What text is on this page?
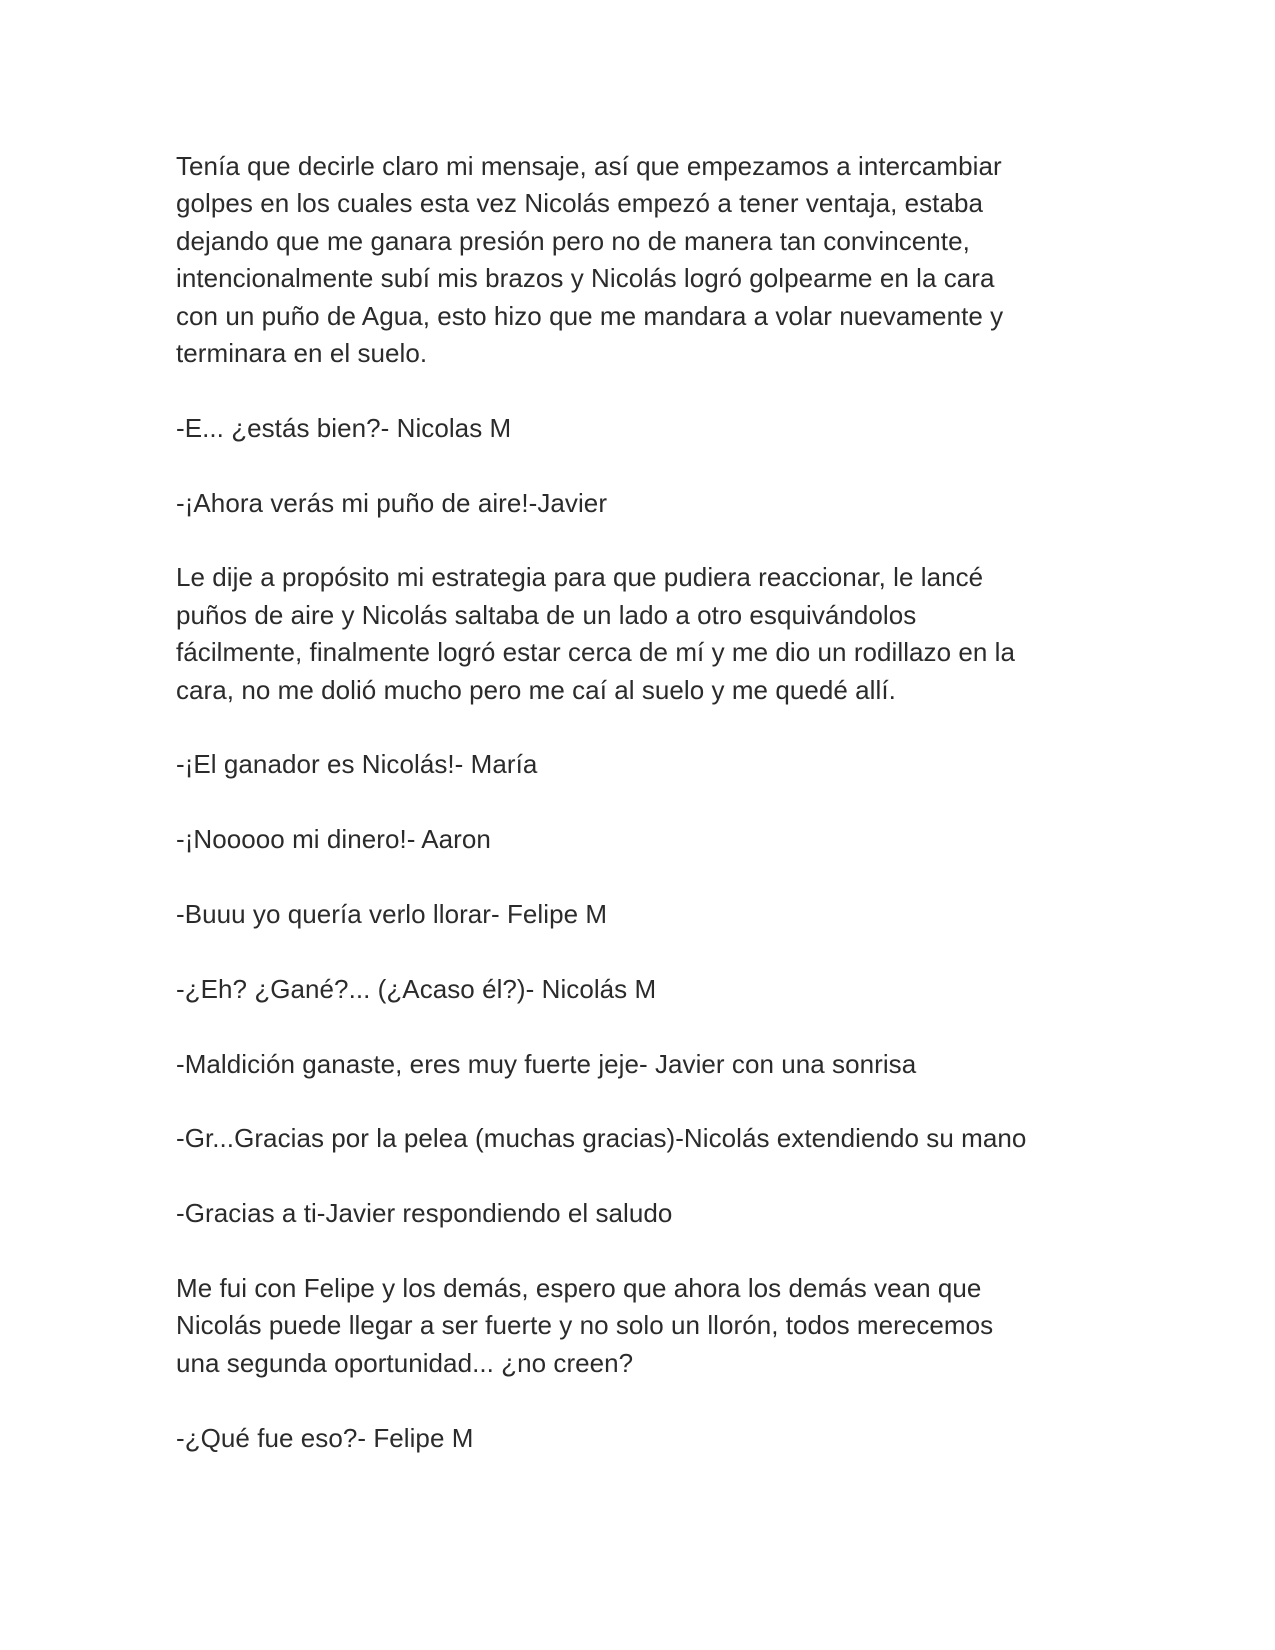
Tenía que decirle claro mi mensaje, así que empezamos a intercambiar
golpes en los cuales esta vez Nicolás empezó a tener ventaja, estaba
dejando que me ganara presión pero no de manera tan convincente,
intencionalmente subí mis brazos y Nicolás logró golpearme en la cara
con un puño de Agua, esto hizo que me mandara a volar nuevamente y
terminara en el suelo.

-E... ¿estás bien?- Nicolas M

-¡Ahora verás mi puño de aire!-Javier

Le dije a propósito mi estrategia para que pudiera reaccionar, le lancé
puños de aire y Nicolás saltaba de un lado a otro esquivándolos
fácilmente, finalmente logró estar cerca de mí y me dio un rodillazo en la
cara, no me dolió mucho pero me caí al suelo y me quedé allí.

-¡El ganador es Nicolás!- María

-¡Nooooo mi dinero!- Aaron

-Buuu yo quería verlo llorar- Felipe M

-¿Eh? ¿Gané?... (¿Acaso él?)- Nicolás M

-Maldición ganaste, eres muy fuerte jeje- Javier con una sonrisa

-Gr...Gracias por la pelea (muchas gracias)-Nicolás extendiendo su mano

-Gracias a ti-Javier respondiendo el saludo

Me fui con Felipe y los demás, espero que ahora los demás vean que
Nicolás puede llegar a ser fuerte y no solo un llorón, todos merecemos
una segunda oportunidad... ¿no creen?

-¿Qué fue eso?- Felipe M
